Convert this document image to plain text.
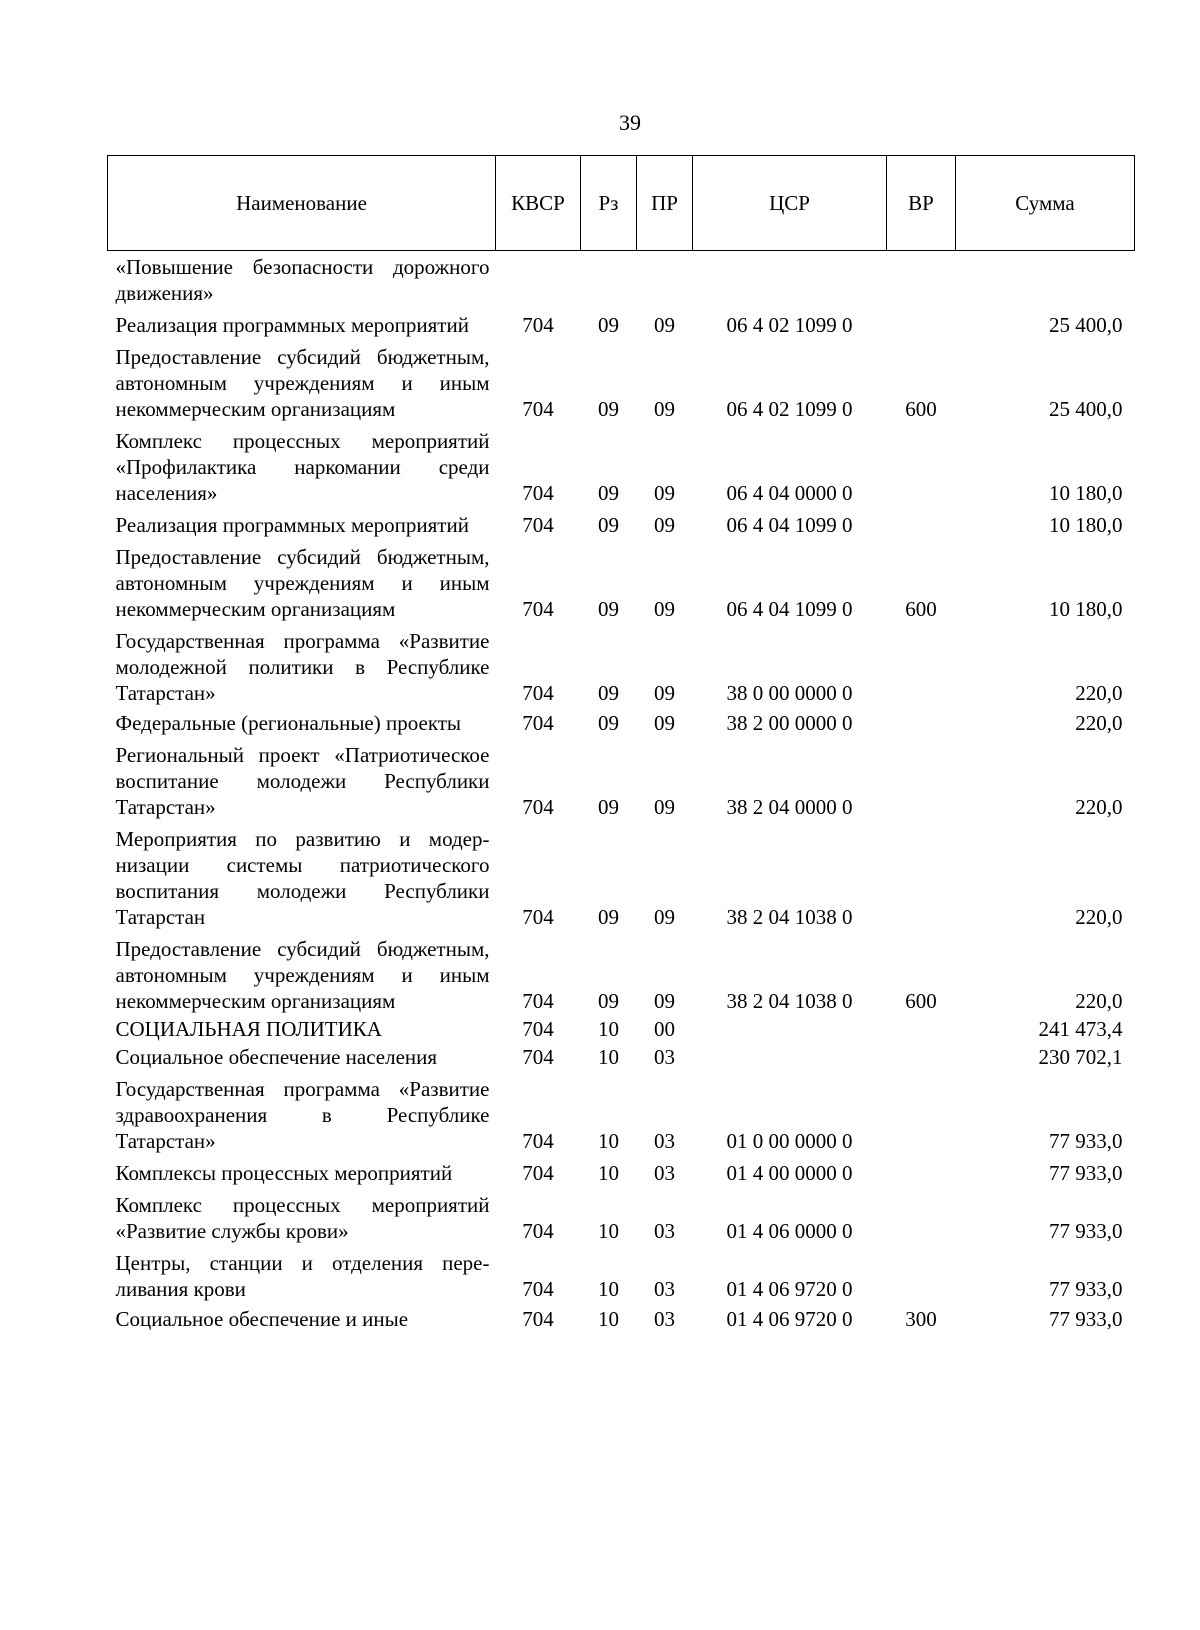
39
Наименование	КВСР	Рз	ПР	ЦСР	ВР	Сумма
«Повышение безопасности дорожного движения»						
Реализация программных мероприятий	704	09	09	06 4 02 1099 0		25 400,0
Предоставление субсидий бюджетным, автономным учреждениям и иным некоммерческим организациям	704	09	09	06 4 02 1099 0	600	25 400,0
Комплекс процессных мероприятий «Профилактика наркомании среди населения»	704	09	09	06 4 04 0000 0		10 180,0
Реализация программных мероприятий	704	09	09	06 4 04 1099 0		10 180,0
Предоставление субсидий бюджетным, автономным учреждениям и иным некоммерческим организациям	704	09	09	06 4 04 1099 0	600	10 180,0
Государственная программа «Развитие молодежной политики в Республике Татарстан»	704	09	09	38 0 00 0000 0		220,0
Федеральные (региональные) проекты	704	09	09	38 2 00 0000 0		220,0
Региональный проект «Патриотическое воспитание молодежи Республики Татарстан»	704	09	09	38 2 04 0000 0		220,0
Мероприятия по развитию и модернизации системы патриотического воспитания молодежи Республики Татарстан	704	09	09	38 2 04 1038 0		220,0
Предоставление субсидий бюджетным, автономным учреждениям и иным некоммерческим организациям	704	09	09	38 2 04 1038 0	600	220,0
СОЦИАЛЬНАЯ ПОЛИТИКА	704	10	00			241 473,4
Социальное обеспечение населения	704	10	03			230 702,1
Государственная программа «Развитие здравоохранения в Республике Татарстан»	704	10	03	01 0 00 0000 0		77 933,0
Комплексы процессных мероприятий	704	10	03	01 4 00 0000 0		77 933,0
Комплекс процессных мероприятий «Развитие службы крови»	704	10	03	01 4 06 0000 0		77 933,0
Центры, станции и отделения переливания крови	704	10	03	01 4 06 9720 0		77 933,0
Социальное обеспечение и иные	704	10	03	01 4 06 9720 0	300	77 933,0
